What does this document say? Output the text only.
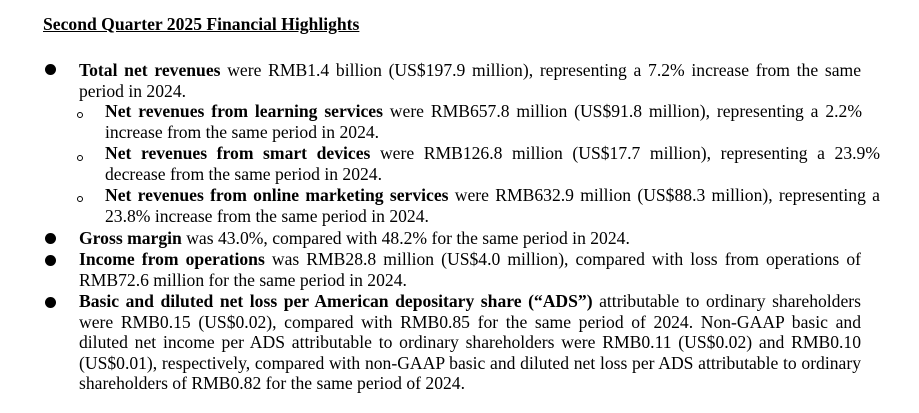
Second Quarter 2025 Financial Highlights
Total net revenues were RMB1.4 billion (US$197.9 million), representing a 7.2% increase from the same period in 2024.
Net revenues from learning services were RMB657.8 million (US$91.8 million), representing a 2.2% increase from the same period in 2024.
Net revenues from smart devices were RMB126.8 million (US$17.7 million), representing a 23.9% decrease from the same period in 2024.
Net revenues from online marketing services were RMB632.9 million (US$88.3 million), representing a 23.8% increase from the same period in 2024.
Gross margin was 43.0%, compared with 48.2% for the same period in 2024.
Income from operations was RMB28.8 million (US$4.0 million), compared with loss from operations of RMB72.6 million for the same period in 2024.
Basic and diluted net loss per American depositary share (“ADS”) attributable to ordinary shareholders were RMB0.15 (US$0.02), compared with RMB0.85 for the same period of 2024. Non-GAAP basic and diluted net income per ADS attributable to ordinary shareholders were RMB0.11 (US$0.02) and RMB0.10 (US$0.01), respectively, compared with non-GAAP basic and diluted net loss per ADS attributable to ordinary shareholders of RMB0.82 for the same period of 2024.
